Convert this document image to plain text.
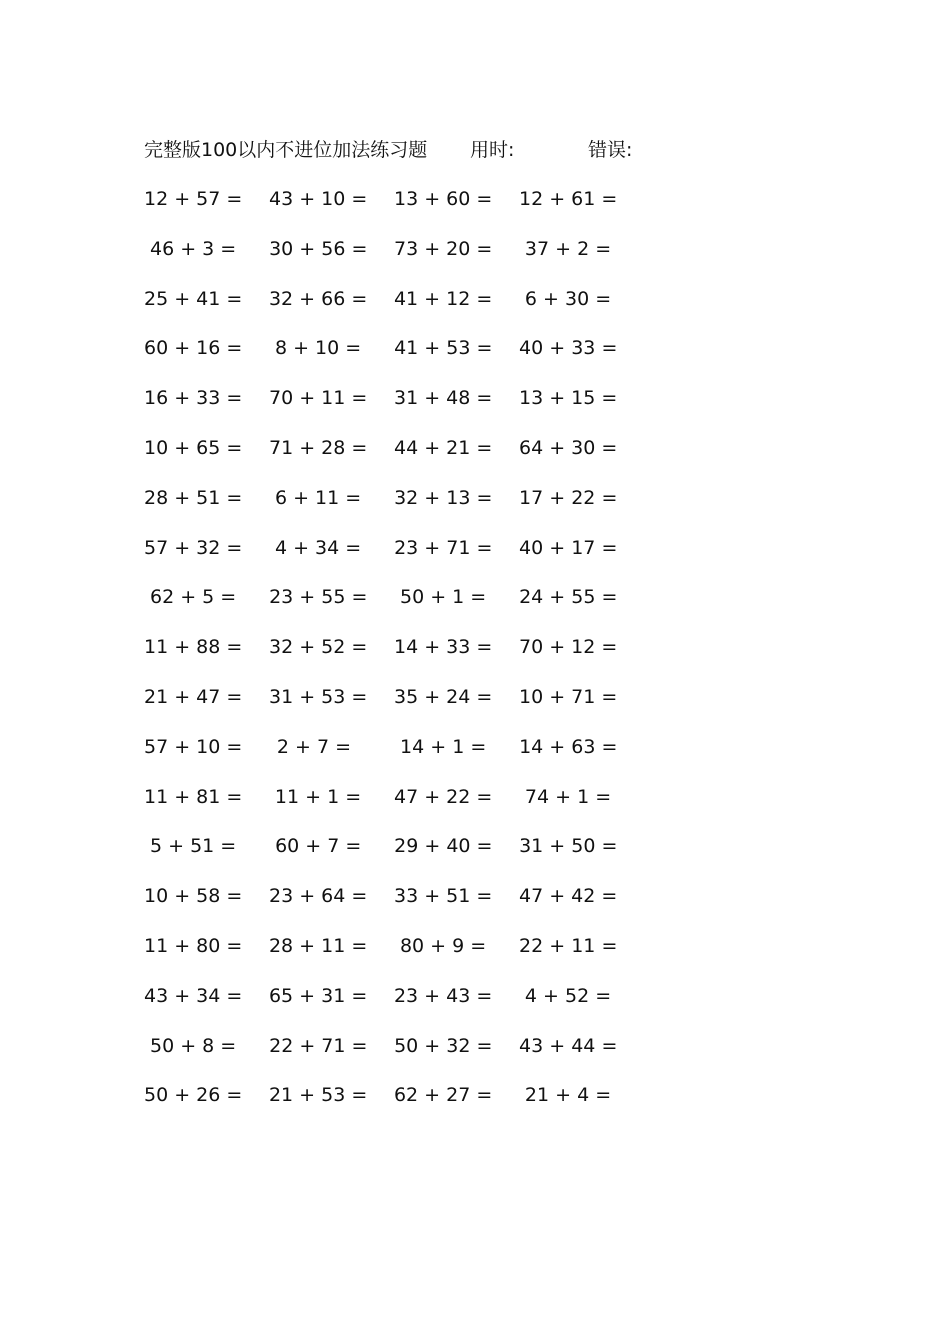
完整版100以内不进位加法练习题 用时:	错误:
12 + 57 =	43 + 10 =	13 + 60 =	12 + 61 =
46 + 3 =	30 + 56 =	73 + 20 =	37 + 2 =
25 + 41 =	32 + 66 =	41 + 12 =	6 + 30 =
60 + 16 =	8 + 10 =	41 + 53 =	40 + 33 =
16 + 33 =	70 + 11 =	31 + 48 =	13 + 15 =
10 + 65 =	71 + 28 =	44 + 21 =	64 + 30 =
28 + 51 =	6 + 11 =	32 + 13 =	17 + 22 =
57 + 32 =	4 + 34 =	23 + 71 =	40 + 17 =
62 + 5 =	23 + 55 =	50 + 1 =	24 + 55 =
11 + 88 =	32 + 52 =	14 + 33 =	70 + 12 =
21 + 47 =	31 + 53 =	35 + 24 =	10 + 71 =
57 + 10 =	2 + 7 =	14 + 1 =	14 + 63 =
11 + 81 =	11 + 1 =	47 + 22 =	74 + 1 =
5 + 51 =	60 + 7 =	29 + 40 =	31 + 50 =
10 + 58 =	23 + 64 =	33 + 51 =	47 + 42 =
11 + 80 =	28 + 11 =	80 + 9 =	22 + 11 =
43 + 34 =	65 + 31 =	23 + 43 =	4 + 52 =
50 + 8 =	22 + 71 =	50 + 32 =	43 + 44 =
50 + 26 =	21 + 53 =	62 + 27 =	21 + 4 =
